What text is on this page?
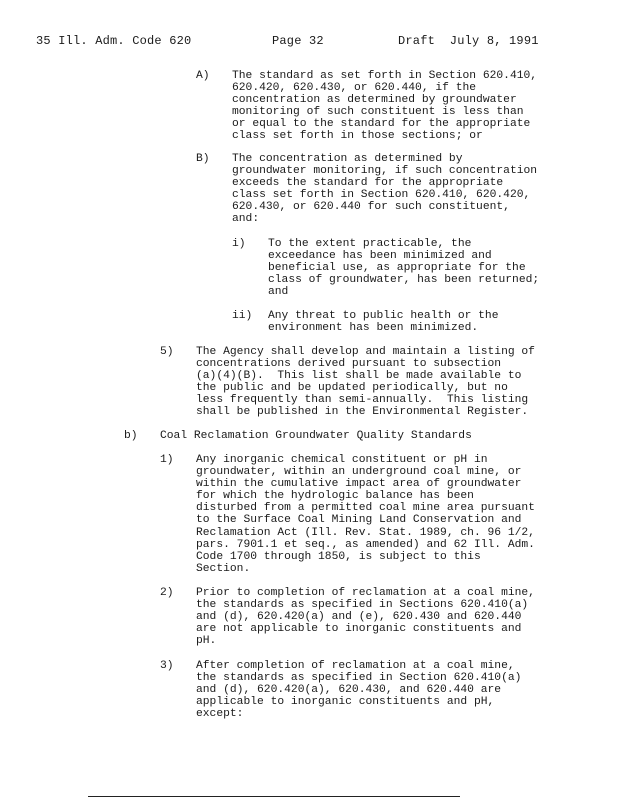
35 Ill. Adm. Code 620	Page 32	Draft  July 8, 1991
A) The standard as set forth in Section 620.410,
620.420, 620.430, or 620.440, if the
concentration as determined by groundwater
monitoring of such constituent is less than
or equal to the standard for the appropriate
class set forth in those sections; or
B) The concentration as determined by
groundwater monitoring, if such concentration
exceeds the standard for the appropriate
class set forth in Section 620.410, 620.420,
620.430, or 620.440 for such constituent,
and:
i) To the extent practicable, the
exceedance has been minimized and
beneficial use, as appropriate for the
class of groundwater, has been returned;
and
ii) Any threat to public health or the
environment has been minimized.
5) The Agency shall develop and maintain a listing of
concentrations derived pursuant to subsection
(a)(4)(B).  This list shall be made available to
the public and be updated periodically, but no
less frequently than semi-annually.  This listing
shall be published in the Environmental Register.
b) Coal Reclamation Groundwater Quality Standards
1) Any inorganic chemical constituent or pH in
groundwater, within an underground coal mine, or
within the cumulative impact area of groundwater
for which the hydrologic balance has been
disturbed from a permitted coal mine area pursuant
to the Surface Coal Mining Land Conservation and
Reclamation Act (Ill. Rev. Stat. 1989, ch. 96 1/2,
pars. 7901.1 et seq., as amended) and 62 Ill. Adm.
Code 1700 through 1850, is subject to this
Section.
2) Prior to completion of reclamation at a coal mine,
the standards as specified in Sections 620.410(a)
and (d), 620.420(a) and (e), 620.430 and 620.440
are not applicable to inorganic constituents and
pH.
3) After completion of reclamation at a coal mine,
the standards as specified in Section 620.410(a)
and (d), 620.420(a), 620.430, and 620.440 are
applicable to inorganic constituents and pH,
except:
